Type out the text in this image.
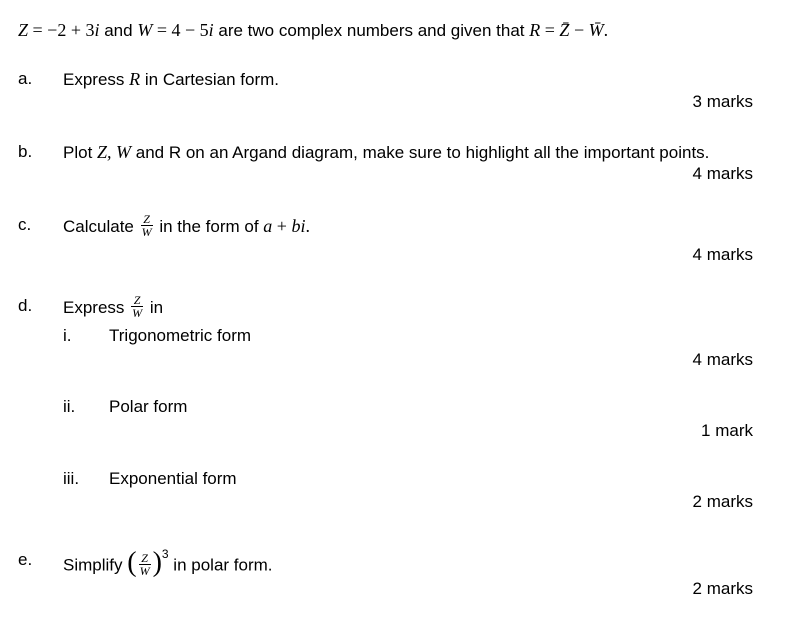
Z = −2 + 3i and W = 4 − 5i are two complex numbers and given that R = Z̄ − W̄.
a. Express R in Cartesian form.
3 marks
b. Plot Z, W and R on an Argand diagram, make sure to highlight all the important points.
4 marks
c. Calculate $\frac{Z}{W}$ in the form of a + bi.
4 marks
d. Express $\frac{Z}{W}$ in
i. Trigonometric form
4 marks
ii. Polar form
1 mark
iii. Exponential form
2 marks
e. Simplify ( $\frac{Z}{W} )^3$ in polar form.
2 marks
